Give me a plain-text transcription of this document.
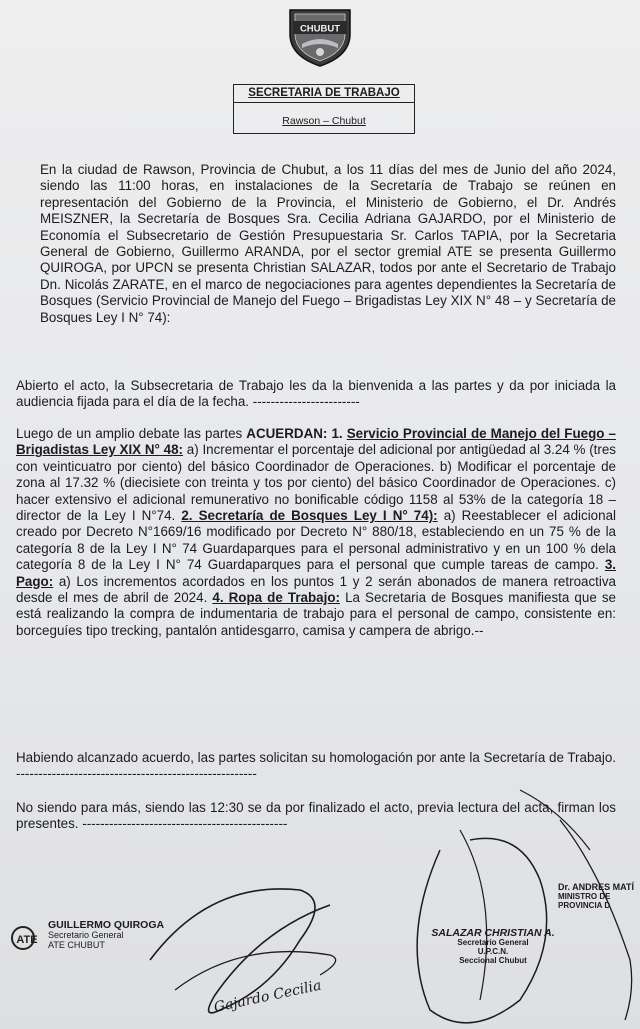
CHUBUT
SECRETARIA DE TRABAJO
Rawson – Chubut

En la ciudad de Rawson, Provincia de Chubut, a los 11 días del mes de Junio del año 2024, siendo las 11:00 horas, en instalaciones de la Secretaría de Trabajo se reúnen en representación del Gobierno de la Provincia, el Ministerio de Gobierno, el Dr. Andrés MEISZNER, la Secretaría de Bosques Sra. Cecilia Adriana GAJARDO, por el Ministerio de Economía el Subsecretario de Gestión Presupuestaria Sr. Carlos TAPIA, por la Secretaria General de Gobierno, Guillermo ARANDA, por el sector gremial ATE se presenta Guillermo QUIROGA, por UPCN se presenta Christian SALAZAR, todos por ante el Secretario de Trabajo Dn. Nicolás ZARATE, en el marco de negociaciones para agentes dependientes la Secretaría de Bosques (Servicio Provincial de Manejo del Fuego – Brigadistas Ley XIX N° 48 – y Secretaría de Bosques Ley I N° 74):

Abierto el acto, la Subsecretaria de Trabajo les da la bienvenida a las partes y da por iniciada la audiencia fijada para el día de la fecha. ------------------------

Luego de un amplio debate las partes ACUERDAN: 1. Servicio Provincial de Manejo del Fuego – Brigadistas Ley XIX N° 48: a) Incrementar el porcentaje del adicional por antigüedad al 3.24 % (tres con veinticuatro por ciento) del básico Coordinador de Operaciones. b) Modificar el porcentaje de zona al 17.32 % (diecisiete con treinta y tos por ciento) del básico Coordinador de Operaciones. c) hacer extensivo el adicional remunerativo no bonificable código 1158 al 53% de la categoría 18 – director de la Ley I N°74. 2. Secretaría de Bosques Ley I N° 74): a) Reestablecer el adicional creado por Decreto N°1669/16 modificado por Decreto N° 880/18, estableciendo en un 75 % de la categoría 8 de la Ley I N° 74 Guardaparques para el personal administrativo y en un 100 % dela categoría 8 de la Ley I N° 74 Guardaparques para el personal que cumple tareas de campo. 3. Pago: a) Los incrementos acordados en los puntos 1 y 2 serán abonados de manera retroactiva desde el mes de abril de 2024. 4. Ropa de Trabajo: La Secretaria de Bosques manifiesta que se está realizando la compra de indumentaria de trabajo para el personal de campo, consistente en: borceguíes tipo trecking, pantalón antidesgarro, camisa y campera de abrigo.--

Habiendo alcanzado acuerdo, las partes solicitan su homologación por ante la Secretaría de Trabajo. ------------------------------------------------------

No siendo para más, siendo las 12:30 se da por finalizado el acto, previa lectura del acta, firman los presentes. ----------------------------------------------

Gajardo Cecilia
ATE
GUILLERMO QUIROGA
Secretario General
ATE CHUBUT
SALAZAR CHRISTIAN A.
Secretario General
U.P.C.N.
Seccional Chubut
Dr. ANDRES MATÍ
MINISTRO DE
PROVINCIA D
